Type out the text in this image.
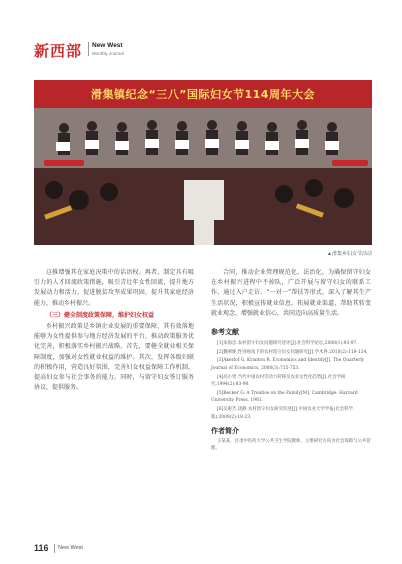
新西部 New West
Monthly Journal
滑集镇纪念“三八”国际妇女节114周年大会
▲滑集乡妇女节活动

这推增强其在家庭决策中的话语权。再者，制定具有吸引力的人才回流政策措施，吸引青壮年女性回流，提升地方发展动力和活力，促进脱贫攻坚成果巩固，提升其家庭经济能力，推动乡村振兴。

（三）健全制度政策保障，维护妇女权益

乡村振兴政策是乡镇企业发展的重要保障，其有效落地能够为女性提供参与地方经济发展的平台，推动政策服务优化完善，积极落实乡村振兴战略。首先，要健全就业相关保障制度，加强对女性就业权益的维护。其次，发挥各级妇联的积极作用，营造良好氛围，完善妇女权益保障工作机制，提高妇女参与社会事务的能力。同时，与留守妇女签订服务协议，提供服务。

合同，推动企业管理规范化、法治化。为确保留守妇女在乡村振兴进程中不掉队，广泛开展与留守妇女的联系工作，通过入户走访、“一对一”帮扶等形式，深入了解其生产生活状况，积极宣传就业信息，拓展就业渠道，帮助其转变就业观念，增强就业信心，共同迈向高质量生活。

参考文献

[1]朱海忠.农村留守妇女问题研究述评[J].社会科学论坛,2008(1):93-97.

[2]魏翠妮.性别视角下的农村留守妇女问题研究[J].学术界,2010(2):119-124.

[3]Akerlof G, Kranton R. Economics and Identity[J]. The Quarterly Journal of Economics, 2000(3):715-753.

[4]高小贤.当代中国农村劳动力转移及农业女性化趋势[J].社会学研究,1994(2):83-90.

[5]Becker G. A Treatise on the Family[M]. Cambridge: Harvard University Press, 1981.

[6]吴惠芳,饶静.农村留守妇女研究综述[J].中国农业大学学报(社会科学版),2009(2):18-23.

作者简介

王某某，甘肃中医药大学公共卫生学院教师，主要研究方向为社会保障与公共管理。

116 New West
